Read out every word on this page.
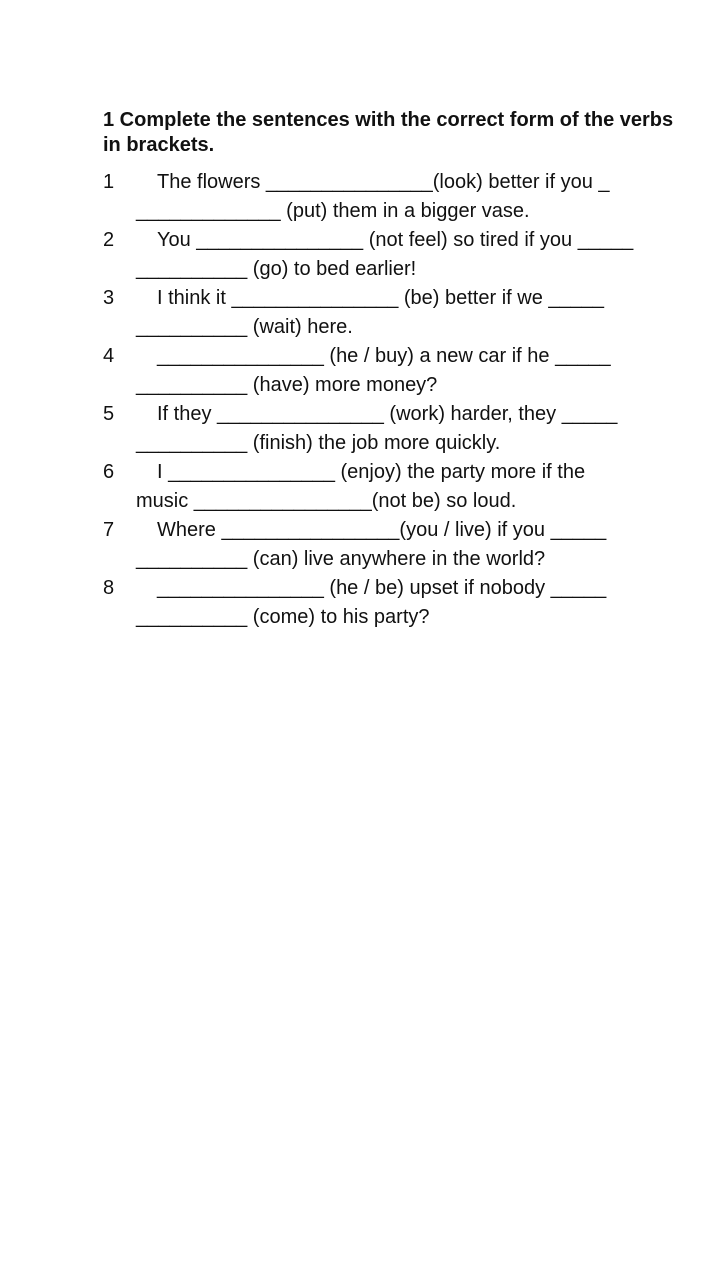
1 Complete the sentences with the correct form of the verbs in brackets.

1	The flowers _______________(look) better if you _
_____________ (put) them in a bigger vase.
2	You _______________ (not feel) so tired if you _____
__________ (go) to bed earlier!
3	I think it _______________ (be) better if we _____
__________ (wait) here.
4	_______________ (he / buy) a new car if he _____
__________ (have) more money?
5	If they _______________ (work) harder, they _____
__________ (finish) the job more quickly.
6	I _______________ (enjoy) the party more if the
music ________________(not be) so loud.
7	Where ________________(you / live) if you _____
__________ (can) live anywhere in the world?
8	_______________ (he / be) upset if nobody _____
__________ (come) to his party?
